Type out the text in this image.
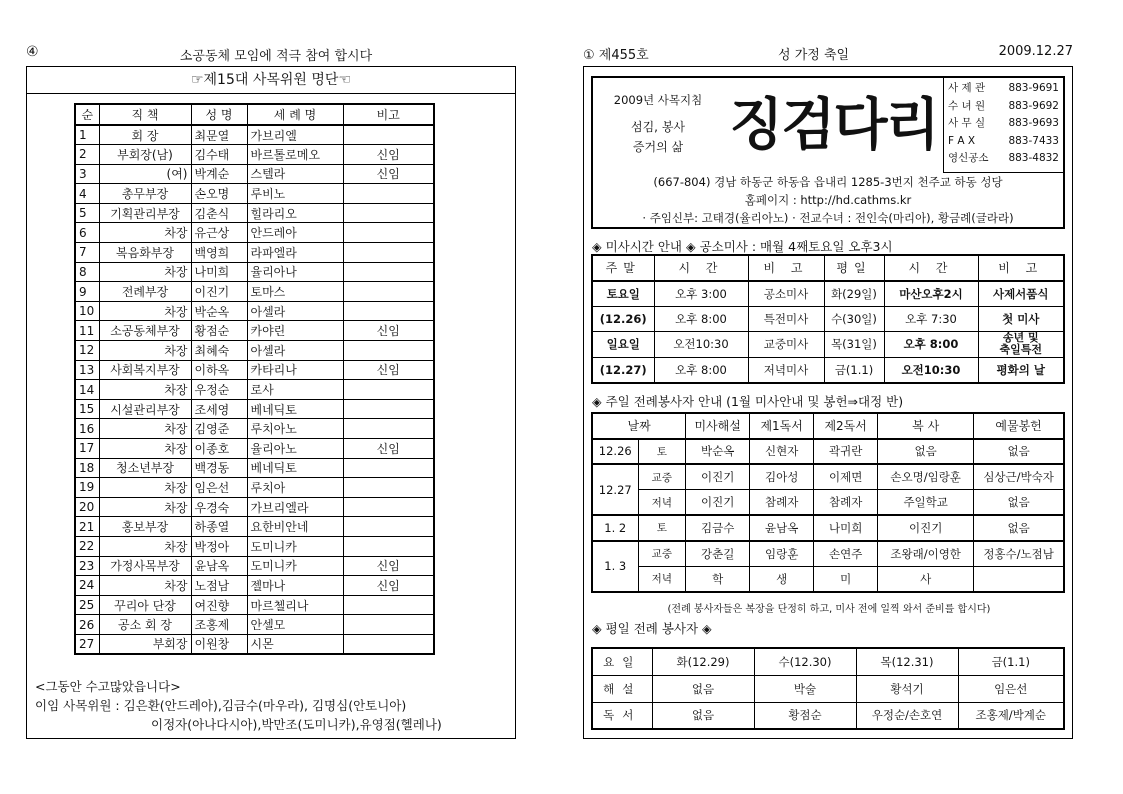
④	소공동체 모임에 적극 참여 합시다
☞제15대 사목위원 명단☜
순	직 책	성 명	세 례 명	비고
1	회 장	최문열	가브리엘	
2	부회장(남)	김수태	바르톨로메오	신임
3	(여)	박계순	스텔라	신임
4	총무부장	손오명	루비노	
5	기획관리부장	김춘식	힐라리오	
6	차장	유근상	안드레아	
7	복음화부장	백영희	라파엘라	
8	차장	나미희	율리아나	
9	전례부장	이진기	토마스	
10	차장	박순옥	아셀라	
11	소공동체부장	황점순	카야린	신임
12	차장	최혜숙	아셀라	
13	사회복지부장	이하옥	카타리나	신임
14	차장	우정순	로사	
15	시설관리부장	조세영	베네딕토	
16	차장	김영준	루치아노	
17	차장	이종호	율리아노	신임
18	청소년부장	백경동	베네딕토	
19	차장	임은선	루치아	
20	차장	우경숙	가브리엘라	
21	홍보부장	하종열	요한비안네	
22	차장	박정아	도미니카	
23	가정사목부장	윤남옥	도미니카	신임
24	차장	노점남	젤마나	신임
25	꾸리아 단장	여진향	마르첼리나	
26	공소 회 장	조홍제	안셀모	
27	부회장	이원창	시몬	
<그동안 수고많았읍니다>
이임 사목위원 : 김은환(안드레아),김금수(마우라), 김명심(안토니아)
이정자(아나다시아),박만조(도미니카),유영점(헬레나)
① 제455호	성 가정 축일	2009.12.27
2009년 사목지침
섬김, 봉사
증거의 삶 징검다리
사 제 관 883-9691
수 녀 원 883-9692
사 무 실 883-9693
F A X	883-7433
영신공소 883-4832
(667-804) 경남 하동군 하동읍 읍내리 1285-3번지 천주교 하동 성당
홈페이지 : http://hd.cathms.kr
· 주임신부: 고태경(율리아노) · 전교수녀 : 전인숙(마리아), 황금례(글라라)
◈ 미사시간 안내 ◈ 공소미사 : 매월 4째토요일 오후3시
주말	시 간	비 고	평일	시 간	비 고
토요일	오후 3:00	공소미사	화(29일)	마산오후2시	사제서품식
(12.26)	오후 8:00	특전미사	수(30일)	오후 7:30	첫 미사
일요일	오전10:30	교중미사	목(31일)	오후 8:00	송년 및
축일특전

(12.27)	오후 8:00	저녁미사	금(1.1)	오전10:30	평화의 날
◈ 주일 전례봉사자 안내 (1월 미사안내 및 봉헌⇒대정 반)
날짜		미사해설	제1독서	제2독서	복 사	예물봉헌
12.26	토	박순옥	신현자	곽귀란	없음	없음
12.27	교중	이진기	김아성	이제면	손오명/임랑훈	심상근/박숙자
	저녁	이진기	참례자	참례자	주일학교	없음
1. 2	토	김금수	윤남옥	나미희	이진기	없음
1. 3	교중	강춘길	임랑훈	손연주	조왕래/이영한	정홍수/노점남
	저녁	학	생	미	사	
(전례 봉사자들은 복장을 단정히 하고, 미사 전에 일찍 와서 준비를 합시다)
◈ 평일 전례 봉사자 ◈
요일	화(12.29)	수(12.30)	목(12.31)	금(1.1)
해설	없음	박술	황석기	임은선
독서	없음	황점순	우정순/손호연	조홍제/박계순
